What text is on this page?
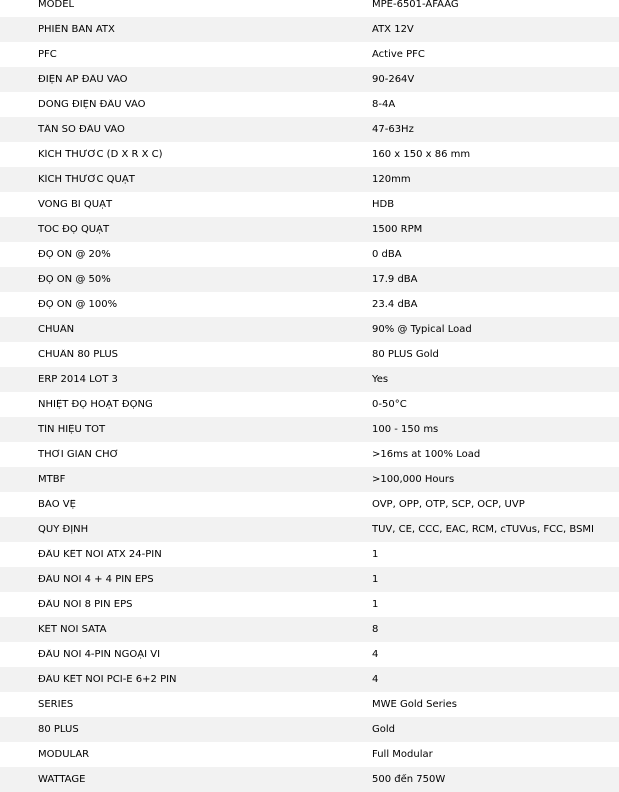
MODEL	MPE-6501-AFAAG
PHIÊN BẢN ATX	ATX 12V
PFC	Active PFC
ĐIỆN ÁP ĐẦU VÀO	90-264V
DÒNG ĐIỆN ĐẦU VÀO	8-4A
TẦN SỐ ĐẦU VÀO	47-63Hz
KÍCH THƯỚC (D X R X C)	160 x 150 x 86 mm
KÍCH THƯỚC QUẠT	120mm
VÒNG BI QUẠT	HDB
TỐC ĐỘ QUẠT	1500 RPM
ĐỘ ỒN @ 20%	0 dBA
ĐỘ ỒN @ 50%	17.9 dBA
ĐỘ ỒN @ 100%	23.4 dBA
CHUẨN	90% @ Typical Load
CHUẨN 80 PLUS	80 PLUS Gold
ERP 2014 LOT 3	Yes
NHIỆT ĐỘ HOẠT ĐỘNG	0-50°C
TÍN HIỆU TỐT	100 - 150 ms
THỜI GIAN CHỜ	>16ms at 100% Load
MTBF	>100,000 Hours
BẢO VỆ	OVP, OPP, OTP, SCP, OCP, UVP
QUY ĐỊNH	TUV, CE, CCC, EAC, RCM, cTUVus, FCC, BSMI
ĐẦU KẾT NỐI ATX 24-PIN	1
ĐẦU NỐI 4 + 4 PIN EPS	1
ĐẦU NỐI 8 PIN EPS	1
KẾT NỐI SATA	8
ĐẦU NỐI 4-PIN NGOẠI VI	4
ĐẦU KẾT NỐI PCI-E 6+2 PIN	4
SERIES	MWE Gold Series
80 PLUS	Gold
MODULAR	Full Modular
WATTAGE	500 đến 750W
